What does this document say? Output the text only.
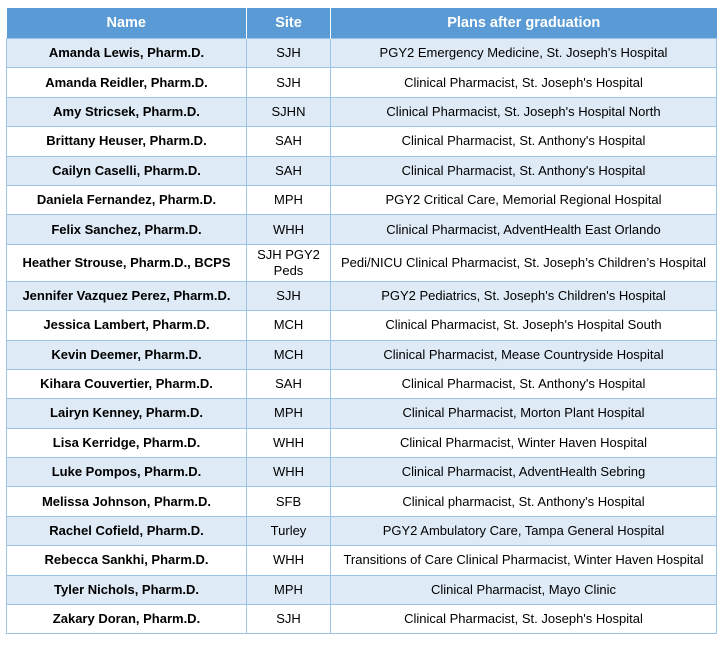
Name	Site	Plans after graduation
Amanda Lewis, Pharm.D.	SJH	PGY2 Emergency Medicine, St. Joseph's Hospital
Amanda Reidler, Pharm.D.	SJH	Clinical Pharmacist, St. Joseph's Hospital
Amy Stricsek, Pharm.D.	SJHN	Clinical Pharmacist, St. Joseph's Hospital North
Brittany Heuser, Pharm.D.	SAH	Clinical Pharmacist, St. Anthony's Hospital
Cailyn Caselli, Pharm.D.	SAH	Clinical Pharmacist, St. Anthony's Hospital
Daniela Fernandez, Pharm.D.	MPH	PGY2 Critical Care, Memorial Regional Hospital
Felix Sanchez, Pharm.D.	WHH	Clinical Pharmacist, AdventHealth East Orlando
Heather Strouse, Pharm.D., BCPS	SJH PGY2 Peds	Pedi/NICU Clinical Pharmacist, St. Joseph’s Children’s Hospital
Jennifer Vazquez Perez, Pharm.D.	SJH	PGY2 Pediatrics, St. Joseph's Children's Hospital
Jessica Lambert, Pharm.D.	MCH	Clinical Pharmacist, St. Joseph's Hospital South
Kevin Deemer, Pharm.D.	MCH	Clinical Pharmacist, Mease Countryside Hospital
Kihara Couvertier, Pharm.D.	SAH	Clinical Pharmacist, St. Anthony's Hospital
Lairyn Kenney, Pharm.D.	MPH	Clinical Pharmacist, Morton Plant Hospital
Lisa Kerridge, Pharm.D.	WHH	Clinical Pharmacist, Winter Haven Hospital
Luke Pompos, Pharm.D.	WHH	Clinical Pharmacist, AdventHealth Sebring
Melissa Johnson, Pharm.D.	SFB	Clinical pharmacist, St. Anthony's Hospital
Rachel Cofield, Pharm.D.	Turley	PGY2 Ambulatory Care, Tampa General Hospital
Rebecca Sankhi, Pharm.D.	WHH	Transitions of Care Clinical Pharmacist, Winter Haven Hospital
Tyler Nichols, Pharm.D.	MPH	Clinical Pharmacist, Mayo Clinic
Zakary Doran, Pharm.D.	SJH	Clinical Pharmacist, St. Joseph's Hospital
